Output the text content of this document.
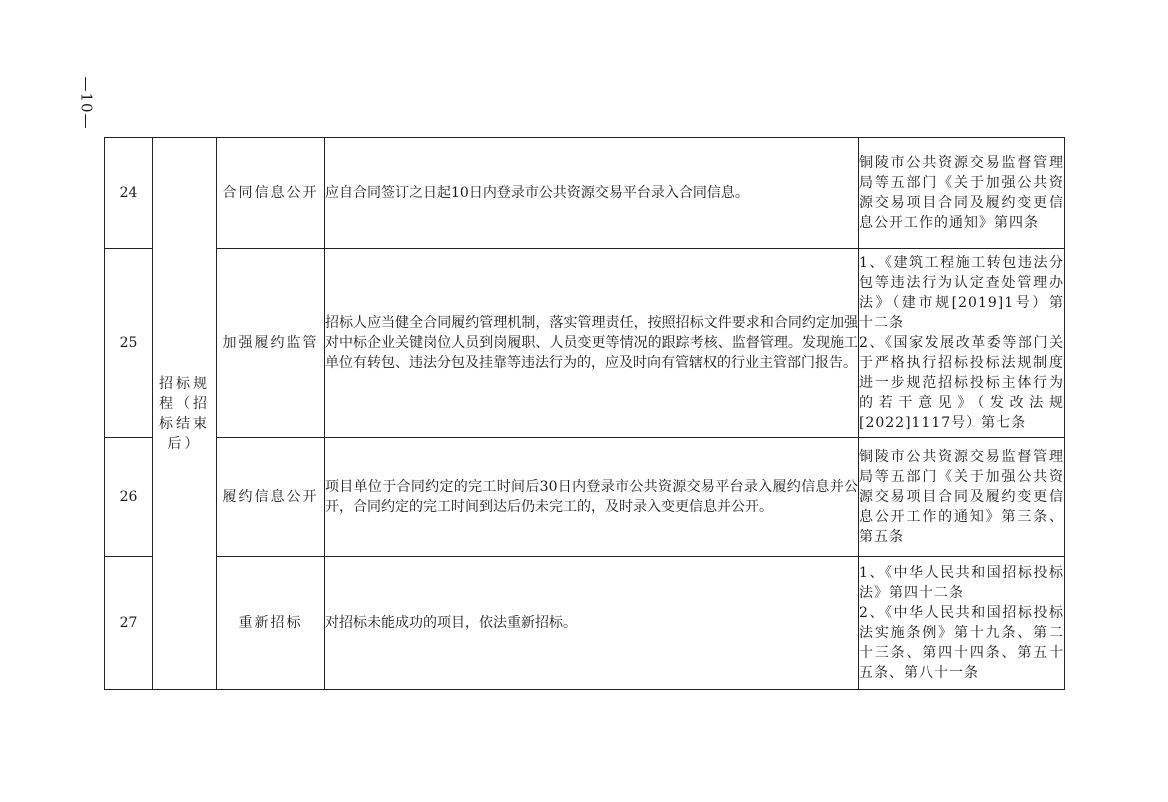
—10—
24	招标规程（招标结束后）	合同信息公开	应自合同签订之日起10日内登录市公共资源交易平台录入合同信息。	铜陵市公共资源交易监督管理局等五部门《关于加强公共资源交易项目合同及履约变更信息公开工作的通知》第四条

25		加强履约监管	招标人应当健全合同履约管理机制，落实管理责任，按照招标文件要求和合同约定加强对中标企业关键岗位人员到岗履职、人员变更等情况的跟踪考核、监督管理。发现施工单位有转包、违法分包及挂靠等违法行为的，应及时向有管辖权的行业主管部门报告。	1、《建筑工程施工转包违法分包等违法行为认定查处管理办法》（建市规[2019]1号）第十二条
2、《国家发展改革委等部门关于严格执行招标投标法规制度进一步规范招标投标主体行为的若干意见》（发改法规[2022]1117号）第七条

26		履约信息公开	项目单位于合同约定的完工时间后30日内登录市公共资源交易平台录入履约信息并公开，合同约定的完工时间到达后仍未完工的，及时录入变更信息并公开。	铜陵市公共资源交易监督管理局等五部门《关于加强公共资源交易项目合同及履约变更信息公开工作的通知》第三条、第五条

27		重新招标	对招标未能成功的项目，依法重新招标。	1、《中华人民共和国招标投标法》第四十二条
2、《中华人民共和国招标投标法实施条例》第十九条、第二十三条、第四十四条、第五十五条、第八十一条
